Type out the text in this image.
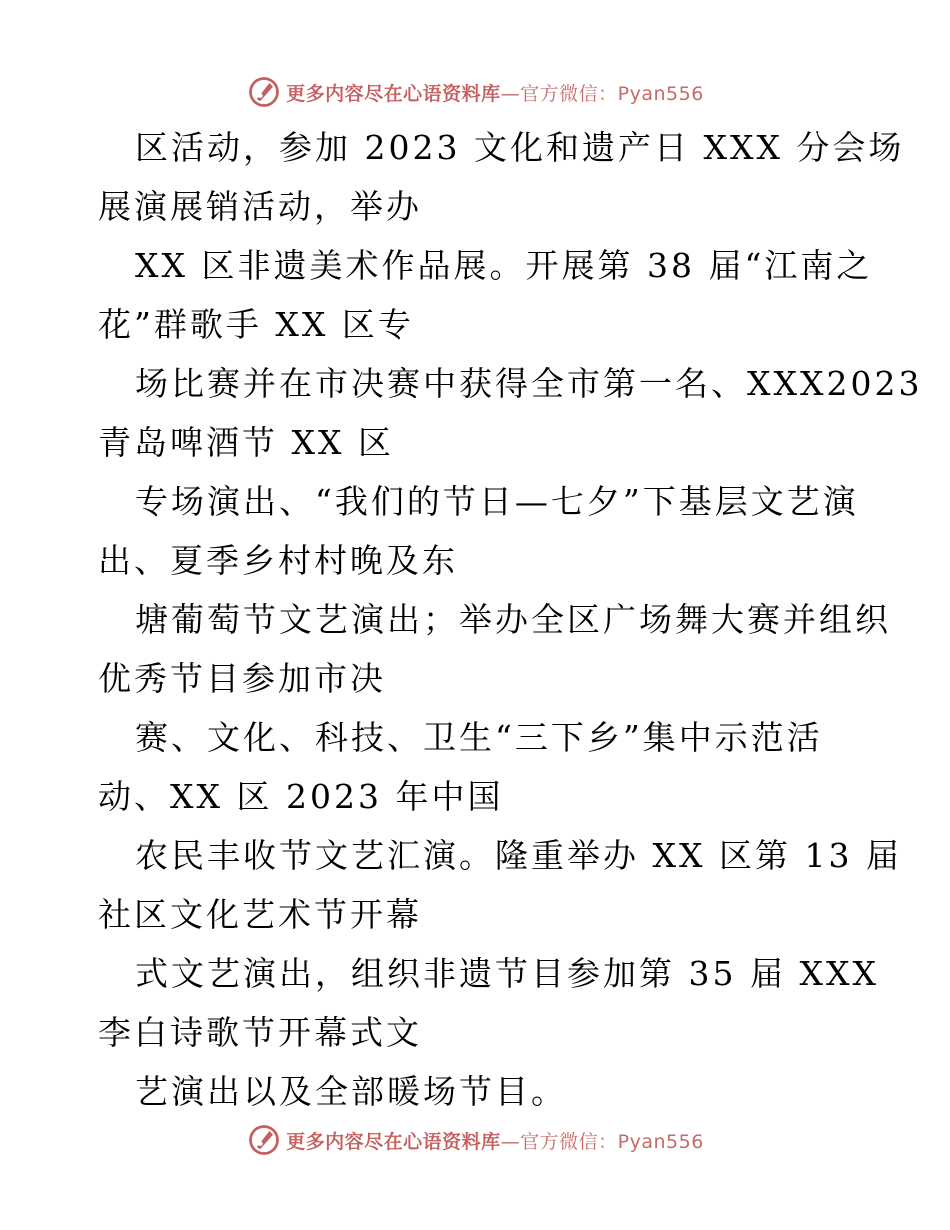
更多内容尽在心语资料库—官方微信：Pyan556
区活动，参加 2023 文化和遗产日 XXX 分会场
展演展销活动，举办
XX 区非遗美术作品展。开展第 38 届“江南之
花”群歌手 XX 区专
场比赛并在市决赛中获得全市第一名、XXX2023
青岛啤酒节 XX 区
专场演出、“我们的节日—七夕”下基层文艺演
出、夏季乡村村晚及东
塘葡萄节文艺演出；举办全区广场舞大赛并组织
优秀节目参加市决
赛、文化、科技、卫生“三下乡”集中示范活
动、XX 区 2023 年中国
农民丰收节文艺汇演。隆重举办 XX 区第 13 届
社区文化艺术节开幕
式文艺演出，组织非遗节目参加第 35 届 XXX
李白诗歌节开幕式文
艺演出以及全部暖场节目。
更多内容尽在心语资料库—官方微信：Pyan556
